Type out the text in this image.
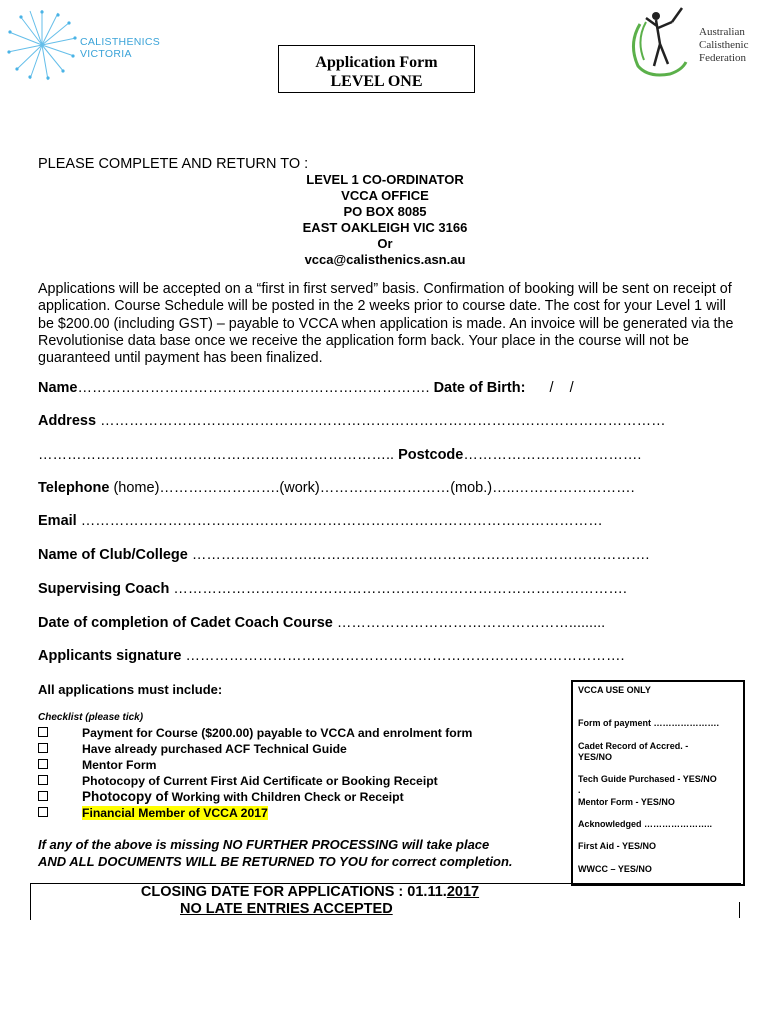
CALISTHENICS
VICTORIA
Australian
Calisthenic
Federation
Application Form
LEVEL ONE
PLEASE COMPLETE AND RETURN TO :
LEVEL 1 CO-ORDINATOR
VCCA OFFICE
PO BOX 8085
EAST OAKLEIGH VIC 3166
Or
vcca@calisthenics.asn.au
Applications will be accepted on a “first in first served” basis. Confirmation of booking will be sent on receipt of application. Course Schedule will be posted in the 2 weeks prior to course date. The cost for your Level 1 will be $200.00 (including GST) – payable to VCCA when application is made. An invoice will be generated via the Revolutionise data base once we receive the application form back. Your place in the course will not be guaranteed until payment has been finalized.
Name………………………………………………………………. Date of Birth: /    /
Address ………………………………………………………………………………………………………
……………………………………………………………….. Postcode……………………………….
Telephone (home)…………………….(work)………………………(mob.)…..…………………….
Email ………………………………………………………………………………………………
Name of Club/College …………………….…………………………………………………………….
Supervising Coach ………………………………………………………………………………….
Date of completion of Cadet Coach Course ………………………………………….........
Applicants signature ……………………………………………………………………………….
All applications must include:
Checklist (please tick)
Payment for Course ($200.00) payable to VCCA and enrolment form
Have already purchased ACF Technical Guide
Mentor Form
Photocopy of Current First Aid Certificate or Booking Receipt
Photocopy of Working with Children Check or Receipt
Financial Member of VCCA 2017
If any of the above is missing NO FURTHER PROCESSING will take place
AND ALL DOCUMENTS WILL BE RETURNED TO YOU for correct completion.
CLOSING DATE FOR APPLICATIONS : 01.11.2017
NO LATE ENTRIES ACCEPTED
VCCA USE ONLY
Form of payment ………………….
Cadet Record of Accred. -
YES/NO
Tech Guide Purchased - YES/NO
.
Mentor Form - YES/NO
Acknowledged …………………..
First Aid - YES/NO
WWCC – YES/NO
